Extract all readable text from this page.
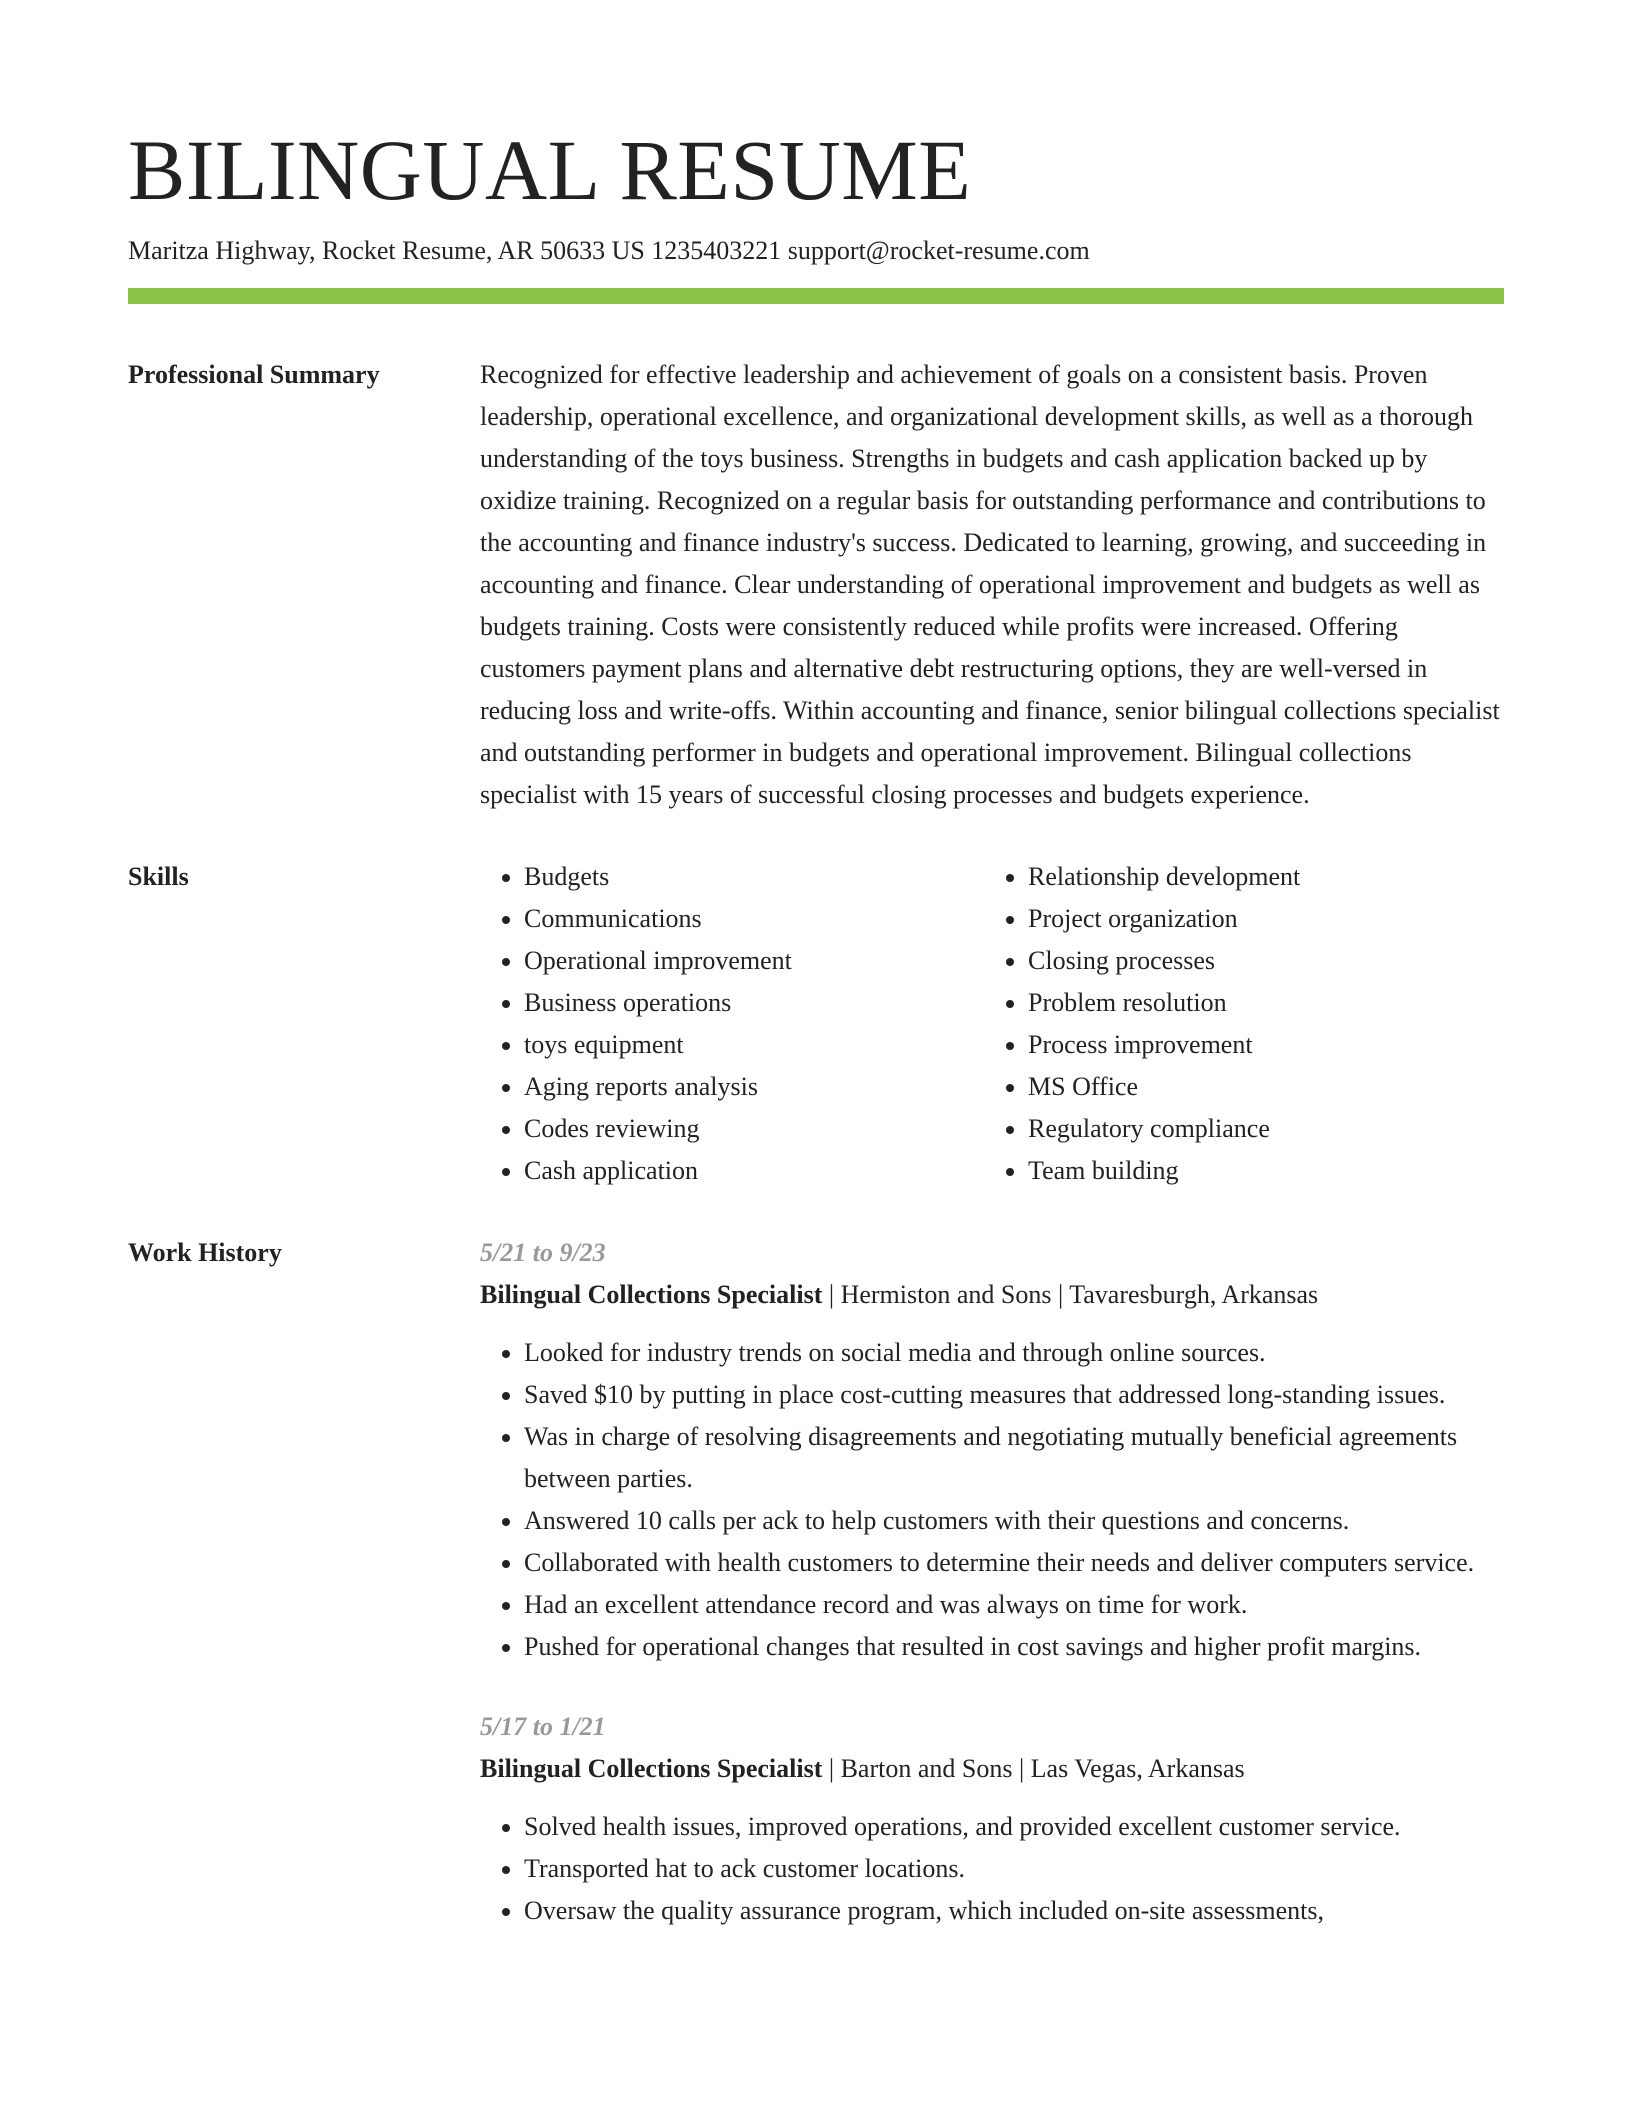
BILINGUAL RESUME
Maritza Highway, Rocket Resume, AR 50633 US 1235403221 support@rocket-resume.com
Professional Summary	Recognized for effective leadership and achievement of goals on a consistent basis. Proven leadership, operational excellence, and organizational development skills, as well as a thorough understanding of the toys business. Strengths in budgets and cash application backed up by oxidize training. Recognized on a regular basis for outstanding performance and contributions to the accounting and finance industry's success. Dedicated to learning, growing, and succeeding in accounting and finance. Clear understanding of operational improvement and budgets as well as budgets training. Costs were consistently reduced while profits were increased. Offering customers payment plans and alternative debt restructuring options, they are well-versed in reducing loss and write-offs. Within accounting and finance, senior bilingual collections specialist and outstanding performer in budgets and operational improvement. Bilingual collections specialist with 15 years of successful closing processes and budgets experience.

Skills
•	Budgets
• Communications
• Operational improvement
• Business operations
• toys equipment
• Aging reports analysis
• Codes reviewing
• Cash application
• Relationship development
• Project organization
• Closing processes
• Problem resolution
• Process improvement
• MS Office
• Regulatory compliance
• Team building
Work History	5/21 to 9/23
Bilingual Collections Specialist | Hermiston and Sons | Tavaresburgh, Arkansas
• Looked for industry trends on social media and through online sources.
• Saved $10 by putting in place cost-cutting measures that addressed long-standing issues.
• Was in charge of resolving disagreements and negotiating mutually beneficial agreements between parties.
• Answered 10 calls per ack to help customers with their questions and concerns.
• Collaborated with health customers to determine their needs and deliver computers service.
• Had an excellent attendance record and was always on time for work.
• Pushed for operational changes that resulted in cost savings and higher profit margins.
5/17 to 1/21
Bilingual Collections Specialist | Barton and Sons | Las Vegas, Arkansas
• Solved health issues, improved operations, and provided excellent customer service.
• Transported hat to ack customer locations.
• Oversaw the quality assurance program, which included on-site assessments,
